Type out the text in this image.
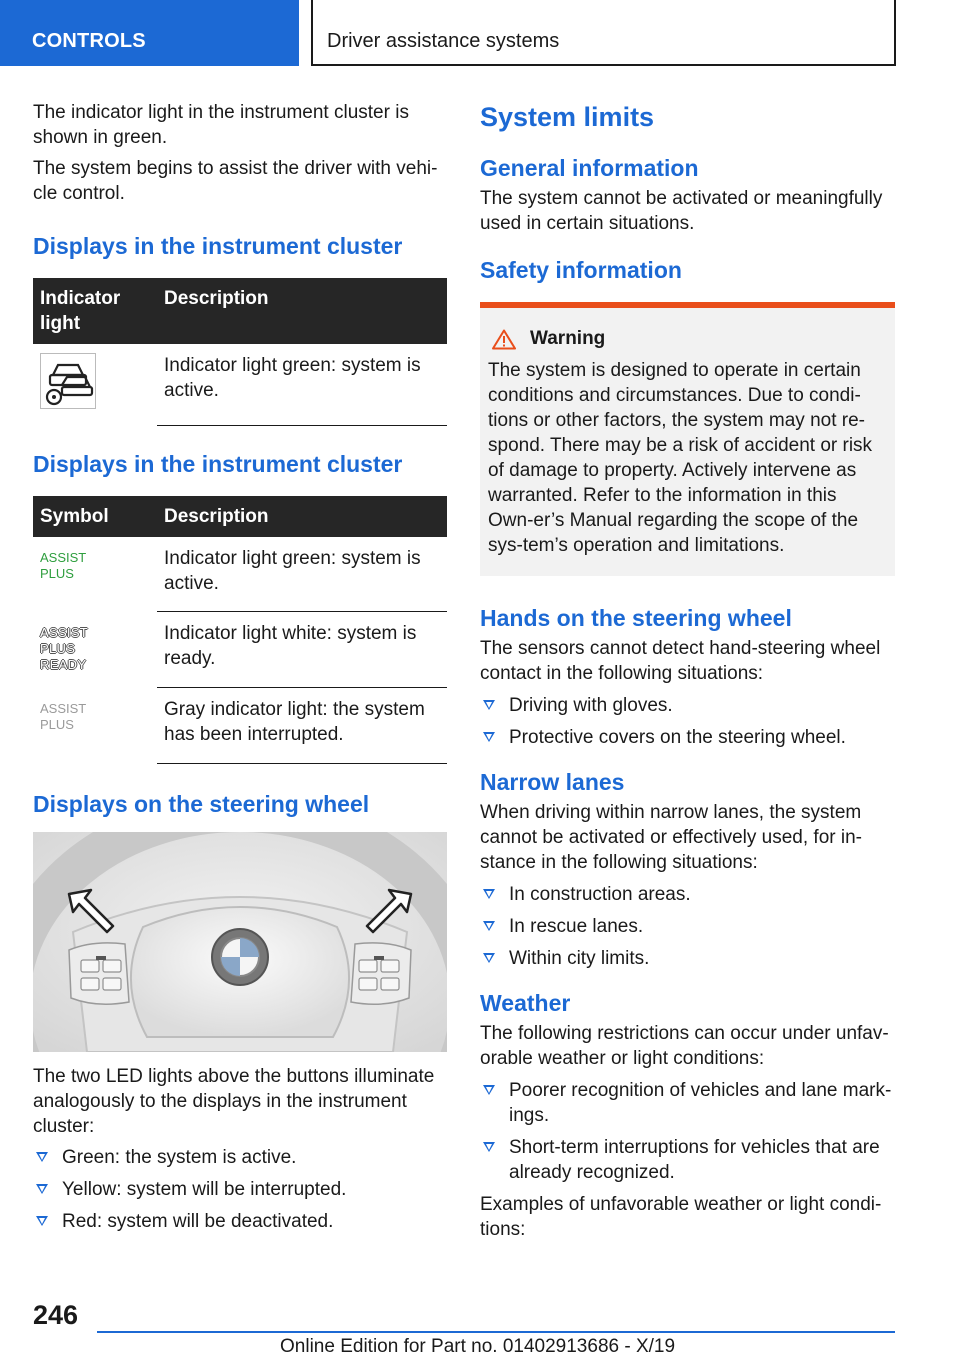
CONTROLS	Driver assistance systems

The indicator light in the instrument cluster is shown in green.

The system begins to assist the driver with vehi-cle control.

Displays in the instrument cluster
Indicator light	Description
	Indicator light green: system is active.
Displays in the instrument cluster
Symbol	Description

ASSIST
PLUS	Indicator light green: system is active.

ASSIST
PLUS
READY	Indicator light white: system is ready.

ASSIST
PLUS	Gray indicator light: the system has been interrupted.
Displays on the steering wheel

The two LED lights above the buttons illuminate analogously to the displays in the instrument cluster:

Green: the system is active.
Yellow: system will be interrupted.
Red: system will be deactivated.
System limits
General information

The system cannot be activated or meaningfully used in certain situations.

Safety information
Warning

The system is designed to operate in certain conditions and circumstances. Due to condi-tions or other factors, the system may not re-spond. There may be a risk of accident or risk of damage to property. Actively intervene as warranted. Refer to the information in this Own-er’s Manual regarding the scope of the sys-tem’s operation and limitations.

Hands on the steering wheel

The sensors cannot detect hand-steering wheel contact in the following situations:

Driving with gloves.
Protective covers on the steering wheel.
Narrow lanes

When driving within narrow lanes, the system cannot be activated or effectively used, for in-stance in the following situations:

In construction areas.
In rescue lanes.
Within city limits.
Weather

The following restrictions can occur under unfav-orable weather or light conditions:

Poorer recognition of vehicles and lane mark-ings.
Short-term interruptions for vehicles that are already recognized.

Examples of unfavorable weather or light condi-tions:

246
Online Edition for Part no. 01402913686 - X/19
